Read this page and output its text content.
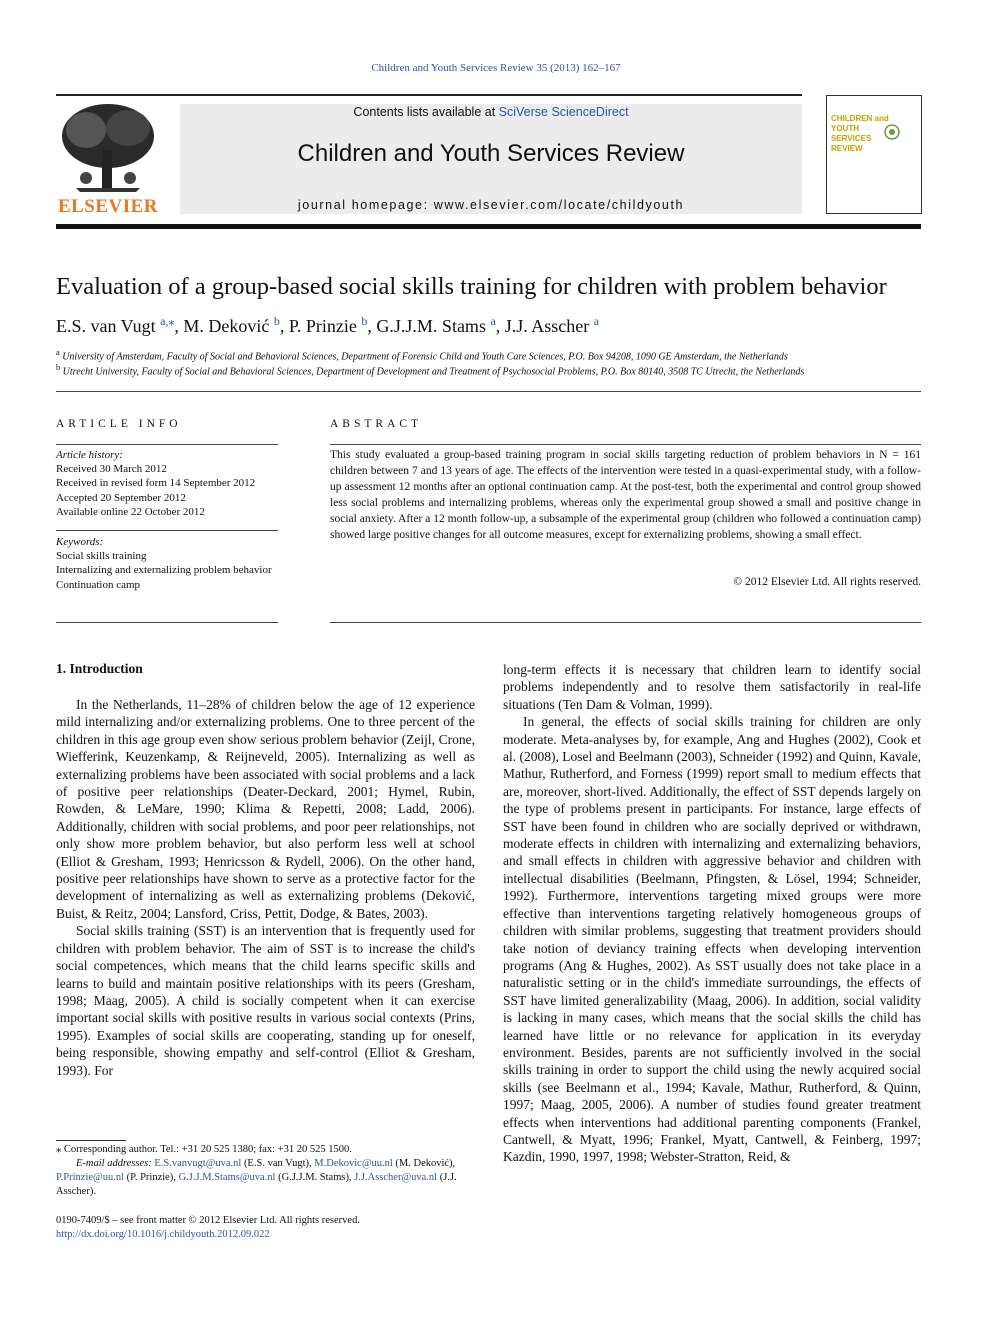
Children and Youth Services Review 35 (2013) 162–167
ELSEVIER
Contents lists available at SciVerse ScienceDirect
Children and Youth Services Review
journal homepage: www.elsevier.com/locate/childyouth
CHILDREN and YOUTH SERVICES REVIEW
Evaluation of a group-based social skills training for children with problem behavior
E.S. van Vugt $^{a,⁎}$, M. Deković $^b$, P. Prinzie $^b$, G.J.J.M. Stams $^a$, J.J. Asscher $^a$
$^a$ University of Amsterdam, Faculty of Social and Behavioral Sciences, Department of Forensic Child and Youth Care Sciences, P.O. Box 94208, 1090 GE Amsterdam, the Netherlands
$^b$ Utrecht University, Faculty of Social and Behavioral Sciences, Department of Development and Treatment of Psychosocial Problems, P.O. Box 80140, 3508 TC Utrecht, the Netherlands
ARTICLE INFO
Article history:
Received 30 March 2012
Received in revised form 14 September 2012
Accepted 20 September 2012
Available online 22 October 2012
Keywords:
Social skills training
Internalizing and externalizing problem behavior
Continuation camp
ABSTRACT
This study evaluated a group-based training program in social skills targeting reduction of problem behaviors in N = 161 children between 7 and 13 years of age. The effects of the intervention were tested in a quasi-experimental study, with a follow-up assessment 12 months after an optional continuation camp. At the post-test, both the experimental and control group showed less social problems and internalizing problems, whereas only the experimental group showed a small and positive change in social anxiety. After a 12 month follow-up, a subsample of the experimental group (children who followed a continuation camp) showed large positive changes for all outcome measures, except for externalizing problems, showing a small effect.
© 2012 Elsevier Ltd. All rights reserved.
1. Introduction

In the Netherlands, 11–28% of children below the age of 12 experience mild internalizing and/or externalizing problems. One to three percent of the children in this age group even show serious problem behavior (Zeijl, Crone, Wiefferink, Keuzenkamp, & Reijneveld, 2005). Internalizing as well as externalizing problems have been associated with social problems and a lack of positive peer relationships (Deater-Deckard, 2001; Hymel, Rubin, Rowden, & LeMare, 1990; Klima & Repetti, 2008; Ladd, 2006). Additionally, children with social problems, and poor peer relationships, not only show more problem behavior, but also perform less well at school (Elliot & Gresham, 1993; Henricsson & Rydell, 2006). On the other hand, positive peer relationships have shown to serve as a protective factor for the development of internalizing as well as externalizing problems (Deković, Buist, & Reitz, 2004; Lansford, Criss, Pettit, Dodge, & Bates, 2003).

Social skills training (SST) is an intervention that is frequently used for children with problem behavior. The aim of SST is to increase the child's social competences, which means that the child learns specific skills and learns to build and maintain positive relationships with its peers (Gresham, 1998; Maag, 2005). A child is socially competent when it can exercise important social skills with positive results in various social contexts (Prins, 1995). Examples of social skills are cooperating, standing up for oneself, being responsible, showing empathy and self-control (Elliot & Gresham, 1993). For

long-term effects it is necessary that children learn to identify social problems independently and to resolve them satisfactorily in real-life situations (Ten Dam & Volman, 1999).

In general, the effects of social skills training for children are only moderate. Meta-analyses by, for example, Ang and Hughes (2002), Cook et al. (2008), Losel and Beelmann (2003), Schneider (1992) and Quinn, Kavale, Mathur, Rutherford, and Forness (1999) report small to medium effects that are, moreover, short-lived. Additionally, the effect of SST depends largely on the type of problems present in participants. For instance, large effects of SST have been found in children who are socially deprived or withdrawn, moderate effects in children with internalizing and externalizing behaviors, and small effects in children with aggressive behavior and children with intellectual disabilities (Beelmann, Pfingsten, & Lösel, 1994; Schneider, 1992). Furthermore, interventions targeting mixed groups were more effective than interventions targeting relatively homogeneous groups of children with similar problems, suggesting that treatment providers should take notion of deviancy training effects when developing intervention programs (Ang & Hughes, 2002). As SST usually does not take place in a naturalistic setting or in the child's immediate surroundings, the effects of SST have limited generalizability (Maag, 2006). In addition, social validity is lacking in many cases, which means that the social skills the child has learned have little or no relevance for application in its everyday environment. Besides, parents are not sufficiently involved in the social skills training in order to support the child using the newly acquired social skills (see Beelmann et al., 1994; Kavale, Mathur, Rutherford, & Quinn, 1997; Maag, 2005, 2006). A number of studies found greater treatment effects when interventions had additional parenting components (Frankel, Cantwell, & Myatt, 1996; Frankel, Myatt, Cantwell, & Feinberg, 1997; Kazdin, 1990, 1997, 1998; Webster-Stratton, Reid, &

⁎ Corresponding author. Tel.: +31 20 525 1380; fax: +31 20 525 1500.
E-mail addresses: E.S.vanvugt@uva.nl (E.S. van Vugt), M.Dekovic@uu.nl (M. Deković), P.Prinzie@uu.nl (P. Prinzie), G.J.J.M.Stams@uva.nl (G.J.J.M. Stams), J.J.Asscher@uva.nl (J.J. Asscher).
0190-7409/$ – see front matter © 2012 Elsevier Ltd. All rights reserved.
http://dx.doi.org/10.1016/j.childyouth.2012.09.022
